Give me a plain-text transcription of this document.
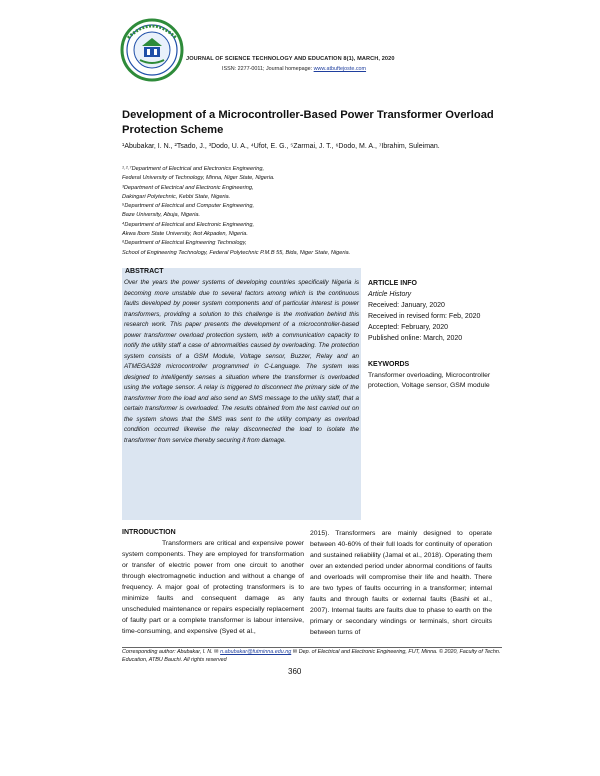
JOURNAL OF SCIENCE TECHNOLOGY AND EDUCATION 8(1), MARCH, 2020
ISSN: 2277-0011; Journal homepage: www.atbuftejoste.com
Development of a Microcontroller-Based Power Transformer Overload Protection Scheme
¹Abubakar, I. N., ²Tsado, J., ³Dodo, U. A., ⁴Ufot, E. G., ⁵Zarmai, J. T., ⁶Dodo, M. A., ⁷Ibrahim, Suleiman.
¹˒²˒⁷Department of Electrical and Electronics Engineering,
Federal University of Technology, Minna, Niger State, Nigeria.
³Department of Electrical and Electronic Engineering,
Dakingari Polytechnic, Kebbi State, Nigeria.
⁵Department of Electrical and Computer Engineering,
Baze University, Abuja, Nigeria.
⁴Department of Electrical and Electronic Engineering,
Akwa Ibom State University, Ikot Akpaden, Nigeria.
⁶Department of Electrical Engineering Technology,
School of Engineering Technology, Federal Polytechnic P.M.B 55, Bida, Niger State, Nigeria.
ABSTRACT
Over the years the power systems of developing countries specifically Nigeria is becoming more unstable due to several factors among which is the continuous faults developed by power system components and of particular interest is power transformers, providing a solution to this challenge is the motivation behind this research work. This paper presents the development of a microcontroller-based power transformer overload protection system, with a communication capacity to notify the utility staff a case of abnormalities caused by overloading. The protection system consists of a GSM Module, Voltage sensor, Buzzer, Relay and an ATMEGA328 microcontroller programmed in C-Language. The system was designed to intelligently senses a situation where the transformer is overloaded using the voltage sensor. A relay is triggered to disconnect the primary side of the transformer from the load and also send an SMS message to the utility staff, that a certain transformer is overloaded. The results obtained from the test carried out on the system shows that the SMS was sent to the utility company as overload condition occurred likewise the relay disconnected the load to isolate the transformer from service thereby securing it from damage.
ARTICLE INFO
Article History
Received: January, 2020
Received in revised form: Feb, 2020
Accepted: February, 2020
Published online: March, 2020
KEYWORDS
Transformer overloading, Microcontroller protection, Voltage sensor, GSM module
INTRODUCTION

Transformers are critical and expensive power system components. They are employed for transformation or transfer of electric power from one circuit to another through electromagnetic induction and without a change of frequency. A major goal of protecting transformers is to minimize faults and consequent damage as any unscheduled maintenance or repairs especially replacement of faulty part or a complete transformer is labour intensive, time-consuming, and expensive (Syed et al.,

2015). Transformers are mainly designed to operate between 40-60% of their full loads for continuity of operation and sustained reliability (Jamal et al., 2018). Operating them over an extended period under abnormal conditions of faults and overloads will compromise their life and health. There are two types of faults occurring in a transformer; internal faults and through faults or external faults (Bashi et al., 2007). Internal faults are faults due to phase to earth on the primary or secondary windings or terminals, short circuits between turns of

Corresponding author: Abubakar, I. N. ✉ n.abubakar@futminna.edu.ng ✉ Dep. of Electrical and Electronic Engineering, FUT, Minna. © 2020, Faculty of Techn. Education, ATBU Bauchi. All rights reserved
360
